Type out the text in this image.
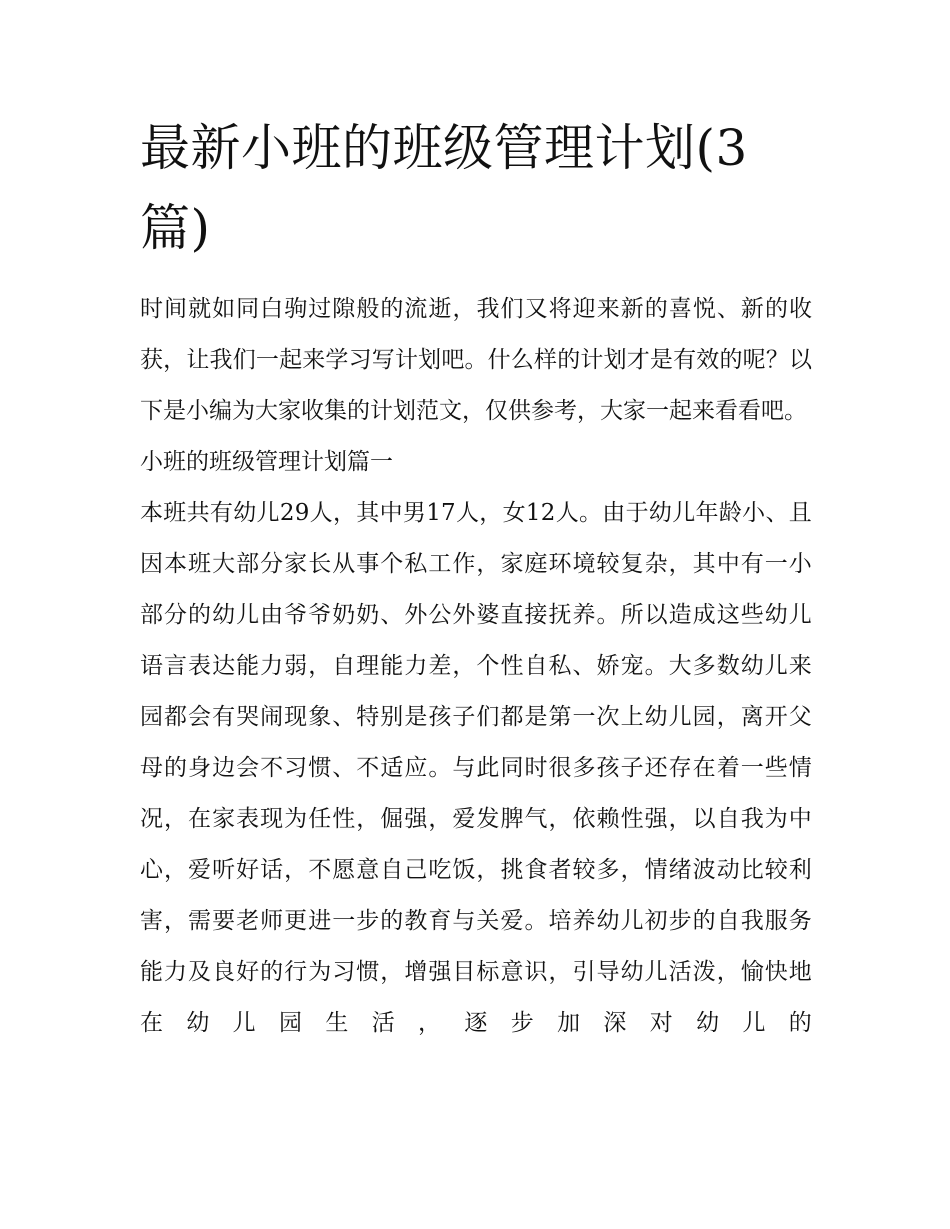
最新小班的班级管理计划(3篇)

时间就如同白驹过隙般的流逝，我们又将迎来新的喜悦、新的收获，让我们一起来学习写计划吧。什么样的计划才是有效的呢？以下是小编为大家收集的计划范文，仅供参考，大家一起来看看吧。

小班的班级管理计划篇一

本班共有幼儿29人，其中男17人，女12人。由于幼儿年龄小、且因本班大部分家长从事个私工作，家庭环境较复杂，其中有一小部分的幼儿由爷爷奶奶、外公外婆直接抚养。所以造成这些幼儿语言表达能力弱，自理能力差，个性自私、娇宠。大多数幼儿来园都会有哭闹现象、特别是孩子们都是第一次上幼儿园，离开父母的身边会不习惯、不适应。与此同时很多孩子还存在着一些情况，在家表现为任性，倔强，爱发脾气，依赖性强，以自我为中心，爱听好话，不愿意自己吃饭，挑食者较多，情绪波动比较利害，需要老师更进一步的教育与关爱。培养幼儿初步的自我服务能力及良好的行为习惯，增强目标意识，引导幼儿活泼，愉快地在幼儿园生活，逐步加深对幼儿的
